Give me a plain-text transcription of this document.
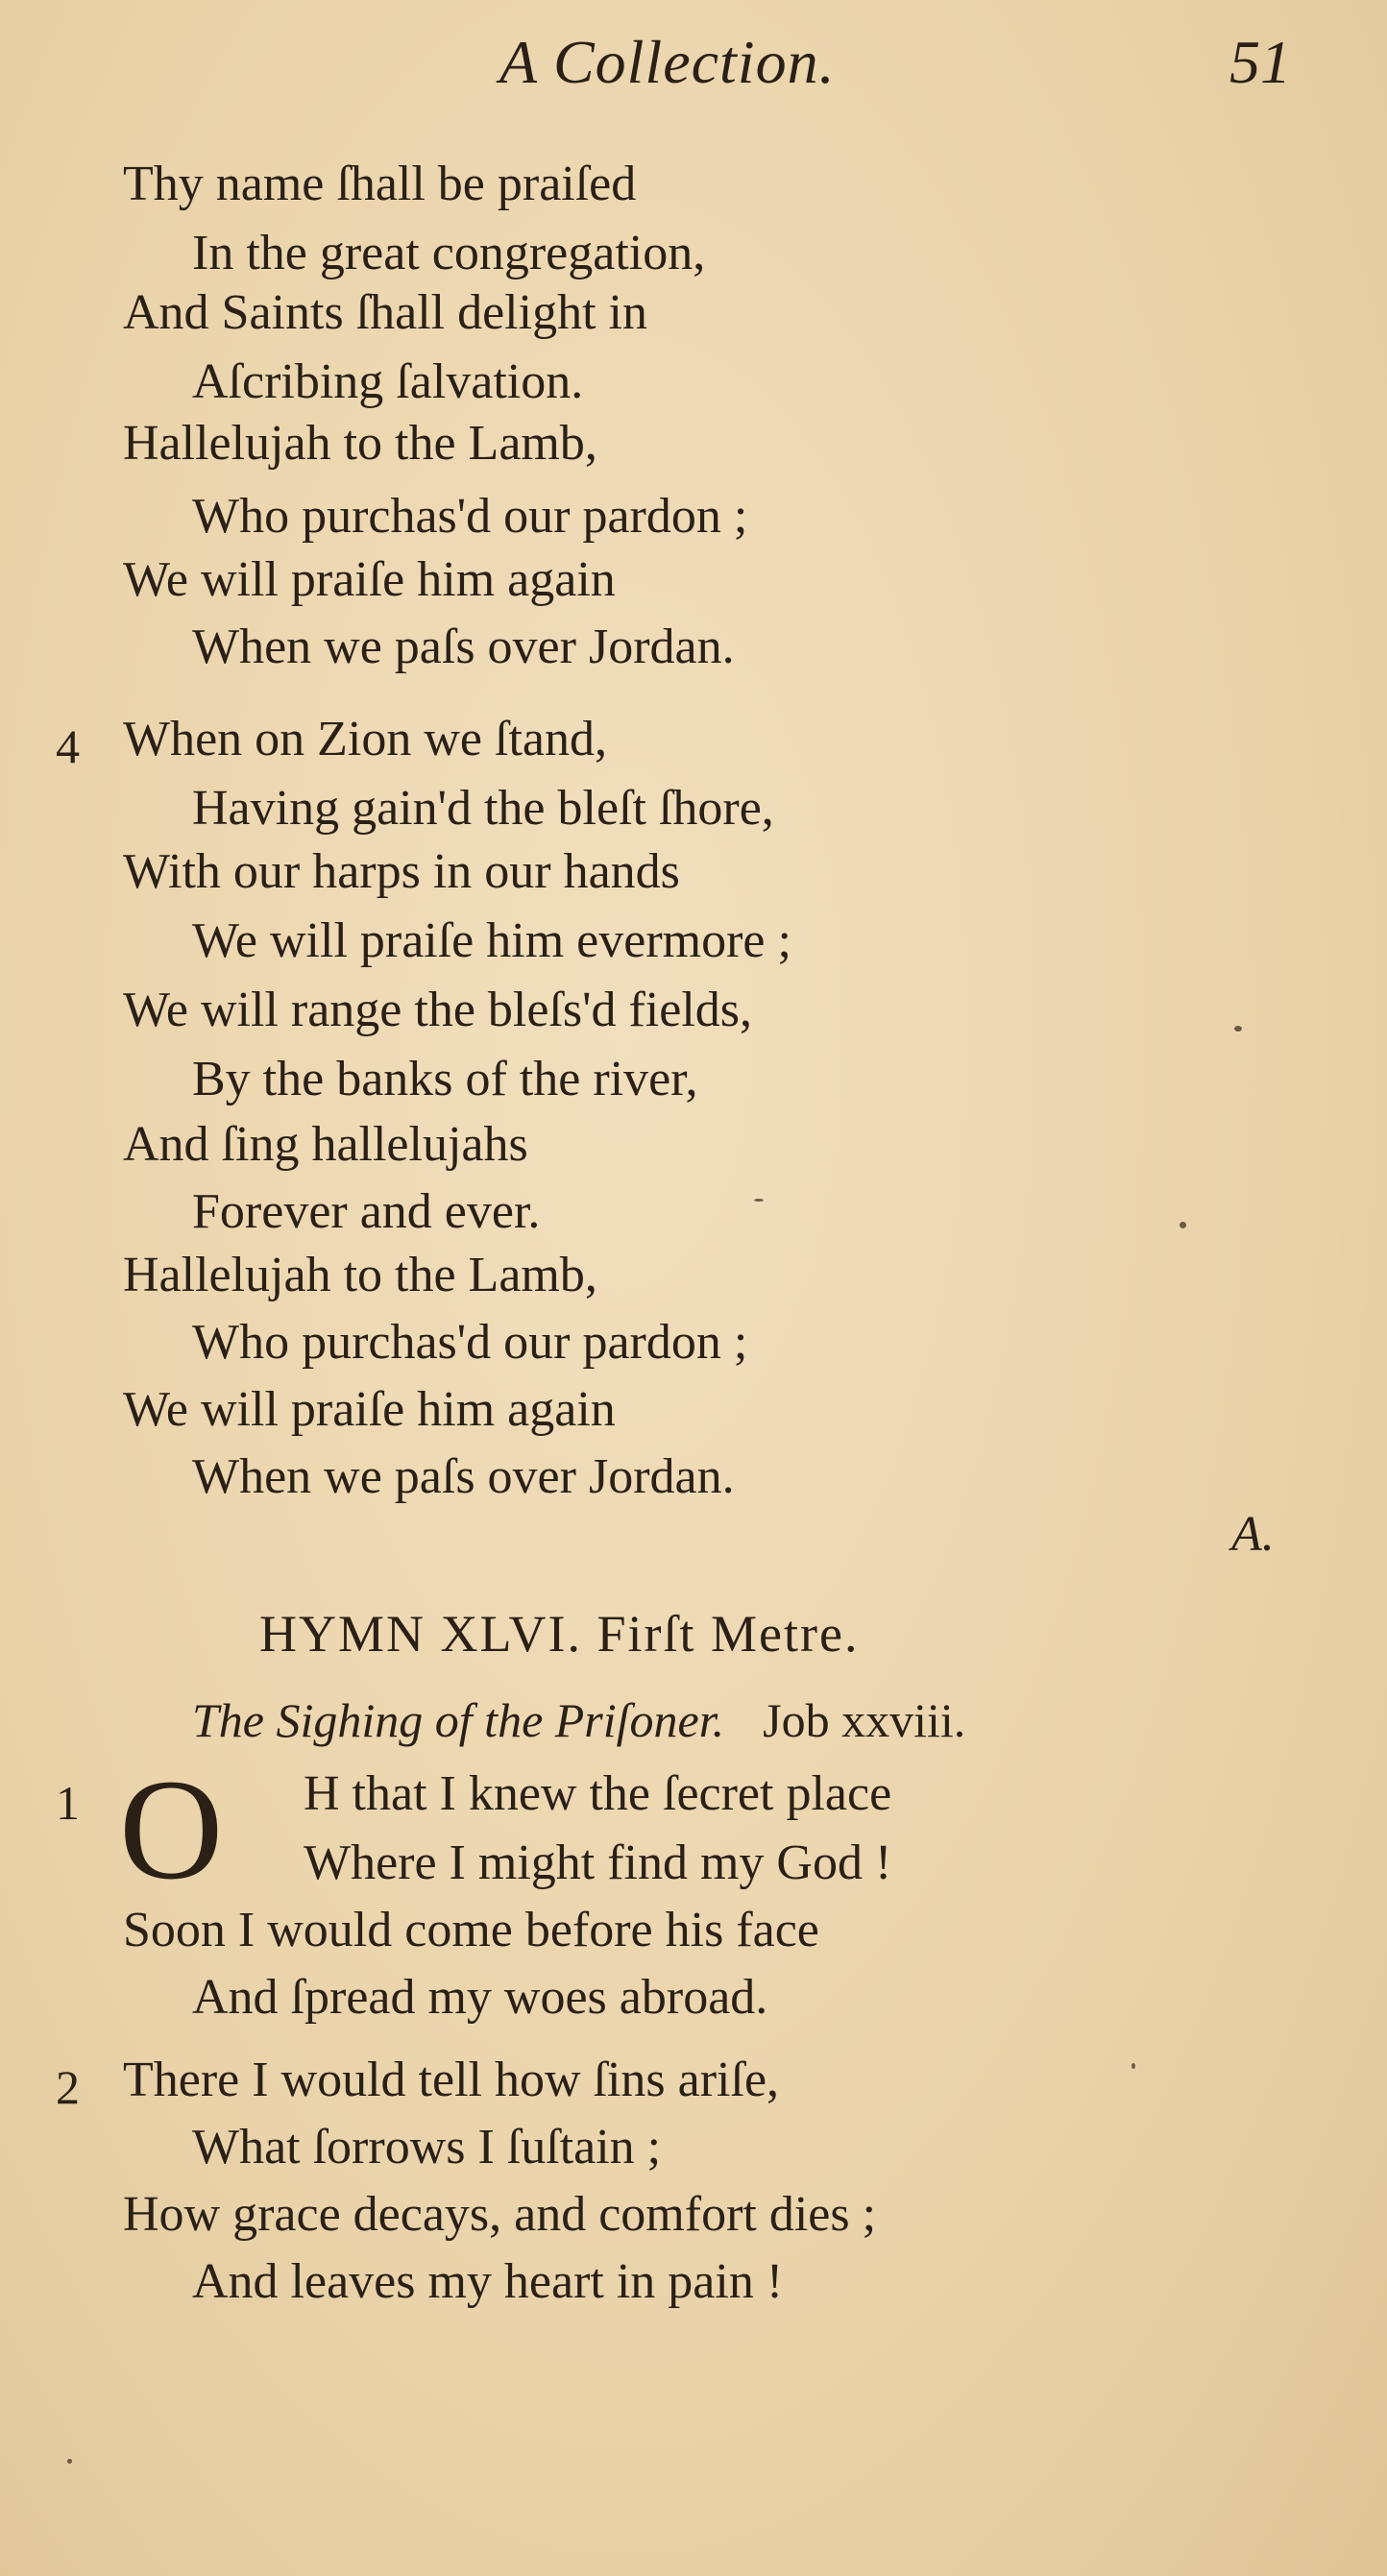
A Collection.	51
Thy name ſhall be praiſed
In the great congregation,
And Saints ſhall delight in
Aſcribing ſalvation.
Hallelujah to the Lamb,
Who purchas'd our pardon ;
We will praiſe him again
When we paſs over Jordan.
4 When on Zion we ſtand,
Having gain'd the bleſt ſhore,
With our harps in our hands
We will praiſe him evermore ;
We will range the bleſs'd fields,
By the banks of the river,
And ſing hallelujahs
Forever and ever.
Hallelujah to the Lamb,
Who purchas'd our pardon ;
We will praiſe him again
When we paſs over Jordan.
A.
HYMN XLVI. Firſt Metre.
The Sighing of the Priſoner. Job xxviii.
1 O H that I knew the ſecret place
Where I might find my God !
Soon I would come before his face
And ſpread my woes abroad.
2 There I would tell how ſins ariſe,
What ſorrows I ſuſtain ;
How grace decays, and comfort dies ;
And leaves my heart in pain !
